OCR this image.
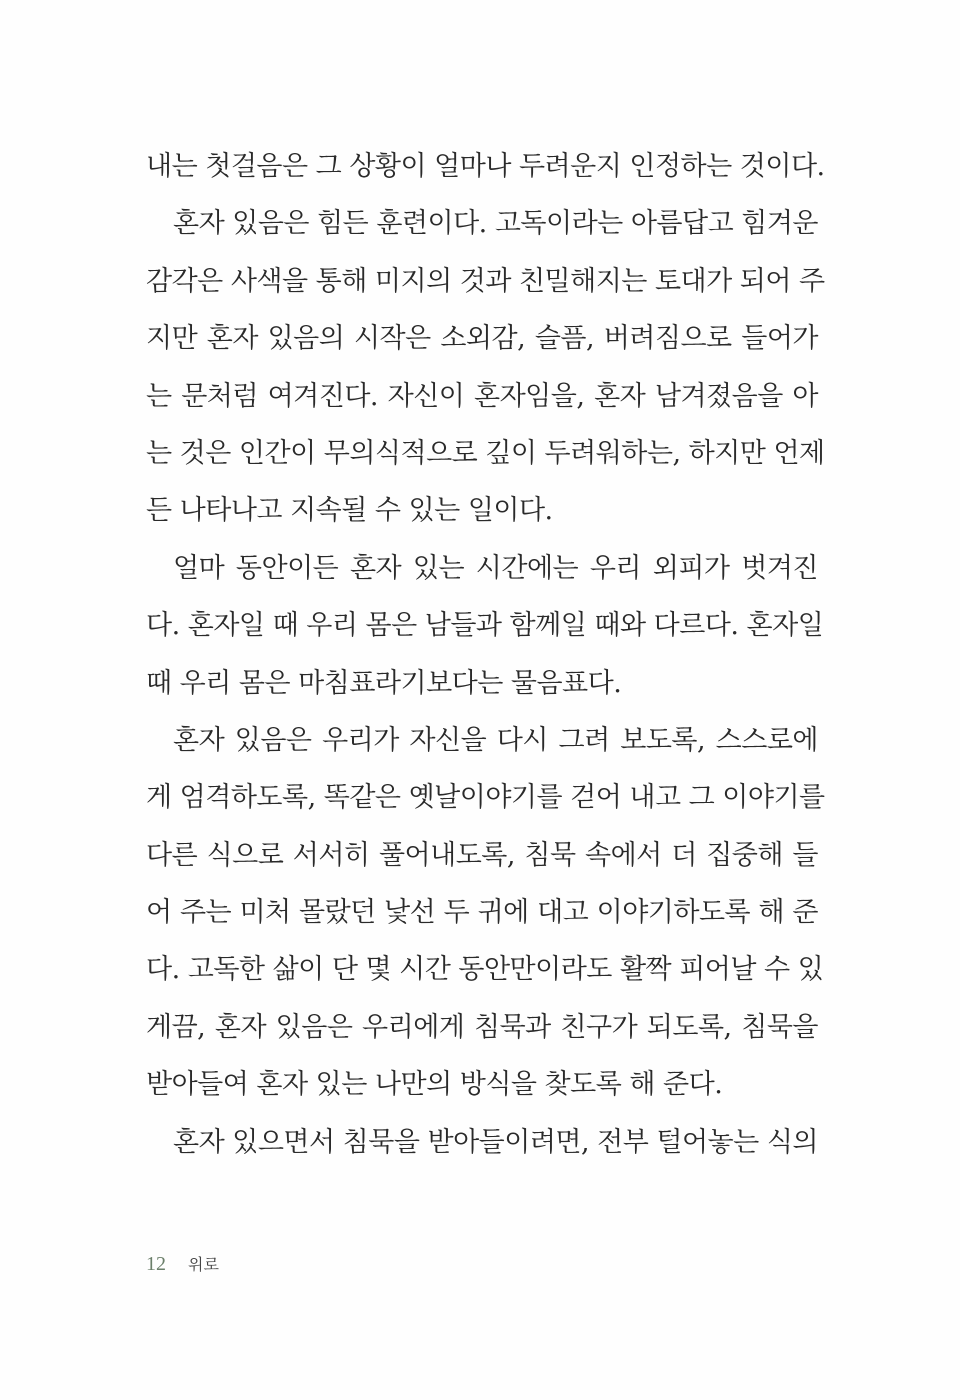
내는 첫걸음은 그 상황이 얼마나 두려운지 인정하는 것이다.
혼자 있음은 힘든 훈련이다. 고독이라는 아름답고 힘겨운
감각은 사색을 통해 미지의 것과 친밀해지는 토대가 되어 주
지만 혼자 있음의 시작은 소외감, 슬픔, 버려짐으로 들어가
는 문처럼 여겨진다. 자신이 혼자임을, 혼자 남겨졌음을 아
는 것은 인간이 무의식적으로 깊이 두려워하는, 하지만 언제
든 나타나고 지속될 수 있는 일이다.
얼마 동안이든 혼자 있는 시간에는 우리 외피가 벗겨진
다. 혼자일 때 우리 몸은 남들과 함께일 때와 다르다. 혼자일
때 우리 몸은 마침표라기보다는 물음표다.
혼자 있음은 우리가 자신을 다시 그려 보도록, 스스로에
게 엄격하도록, 똑같은 옛날이야기를 걷어 내고 그 이야기를
다른 식으로 서서히 풀어내도록, 침묵 속에서 더 집중해 들
어 주는 미처 몰랐던 낯선 두 귀에 대고 이야기하도록 해 준
다. 고독한 삶이 단 몇 시간 동안만이라도 활짝 피어날 수 있
게끔, 혼자 있음은 우리에게 침묵과 친구가 되도록, 침묵을
받아들여 혼자 있는 나만의 방식을 찾도록 해 준다.
혼자 있으면서 침묵을 받아들이려면, 전부 털어놓는 식의
12 위로
